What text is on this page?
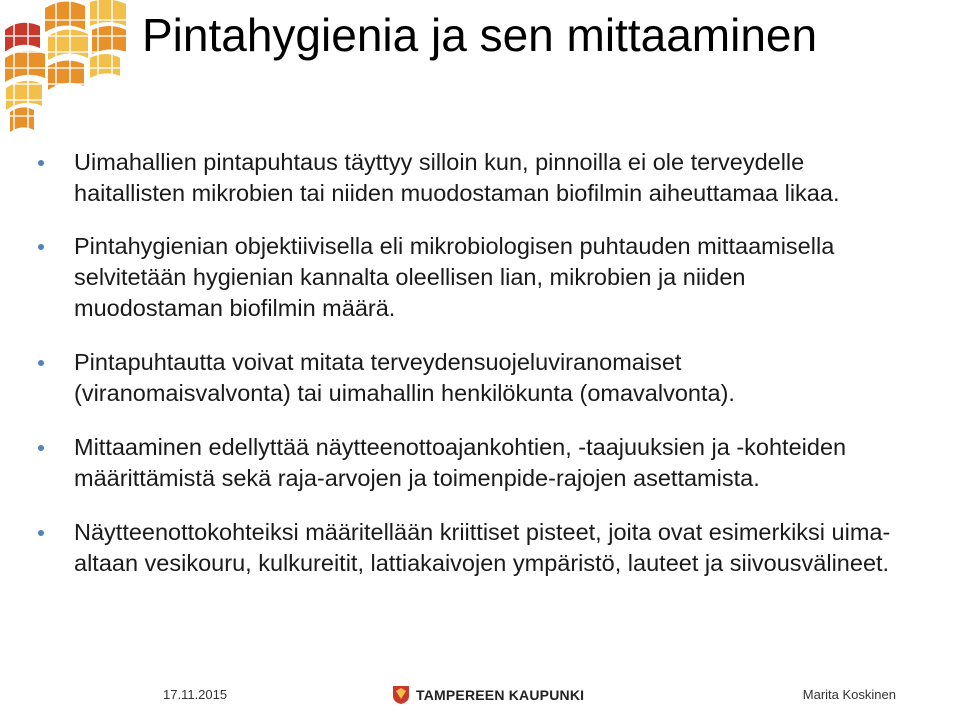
Pintahygienia ja sen mittaaminen
Uimahallien pintapuhtaus täyttyy silloin kun, pinnoilla ei ole terveydelle haitallisten mikrobien tai niiden muodostaman biofilmin aiheuttamaa likaa.
Pintahygienian objektiivisella eli mikrobiologisen puhtauden mittaamisella selvitetään hygienian kannalta oleellisen lian, mikrobien ja niiden muodostaman biofilmin määrä.
Pintapuhtautta voivat mitata terveydensuojeluviranomaiset (viranomaisvalvonta) tai uimahallin henkilökunta (omavalvonta).
Mittaaminen edellyttää näytteenottoajankohtien, -taajuuksien ja -kohteiden määrittämistä sekä raja-arvojen ja toimenpide-rajojen asettamista.
Näytteenottokohteiksi määritellään kriittiset pisteet, joita ovat esimerkiksi uima-altaan vesikouru, kulkureitit, lattiakaivojen ympäristö, lauteet ja siivousvälineet.
17.11.2015	TAMPEREEN KAUPUNKI	Marita Koskinen
